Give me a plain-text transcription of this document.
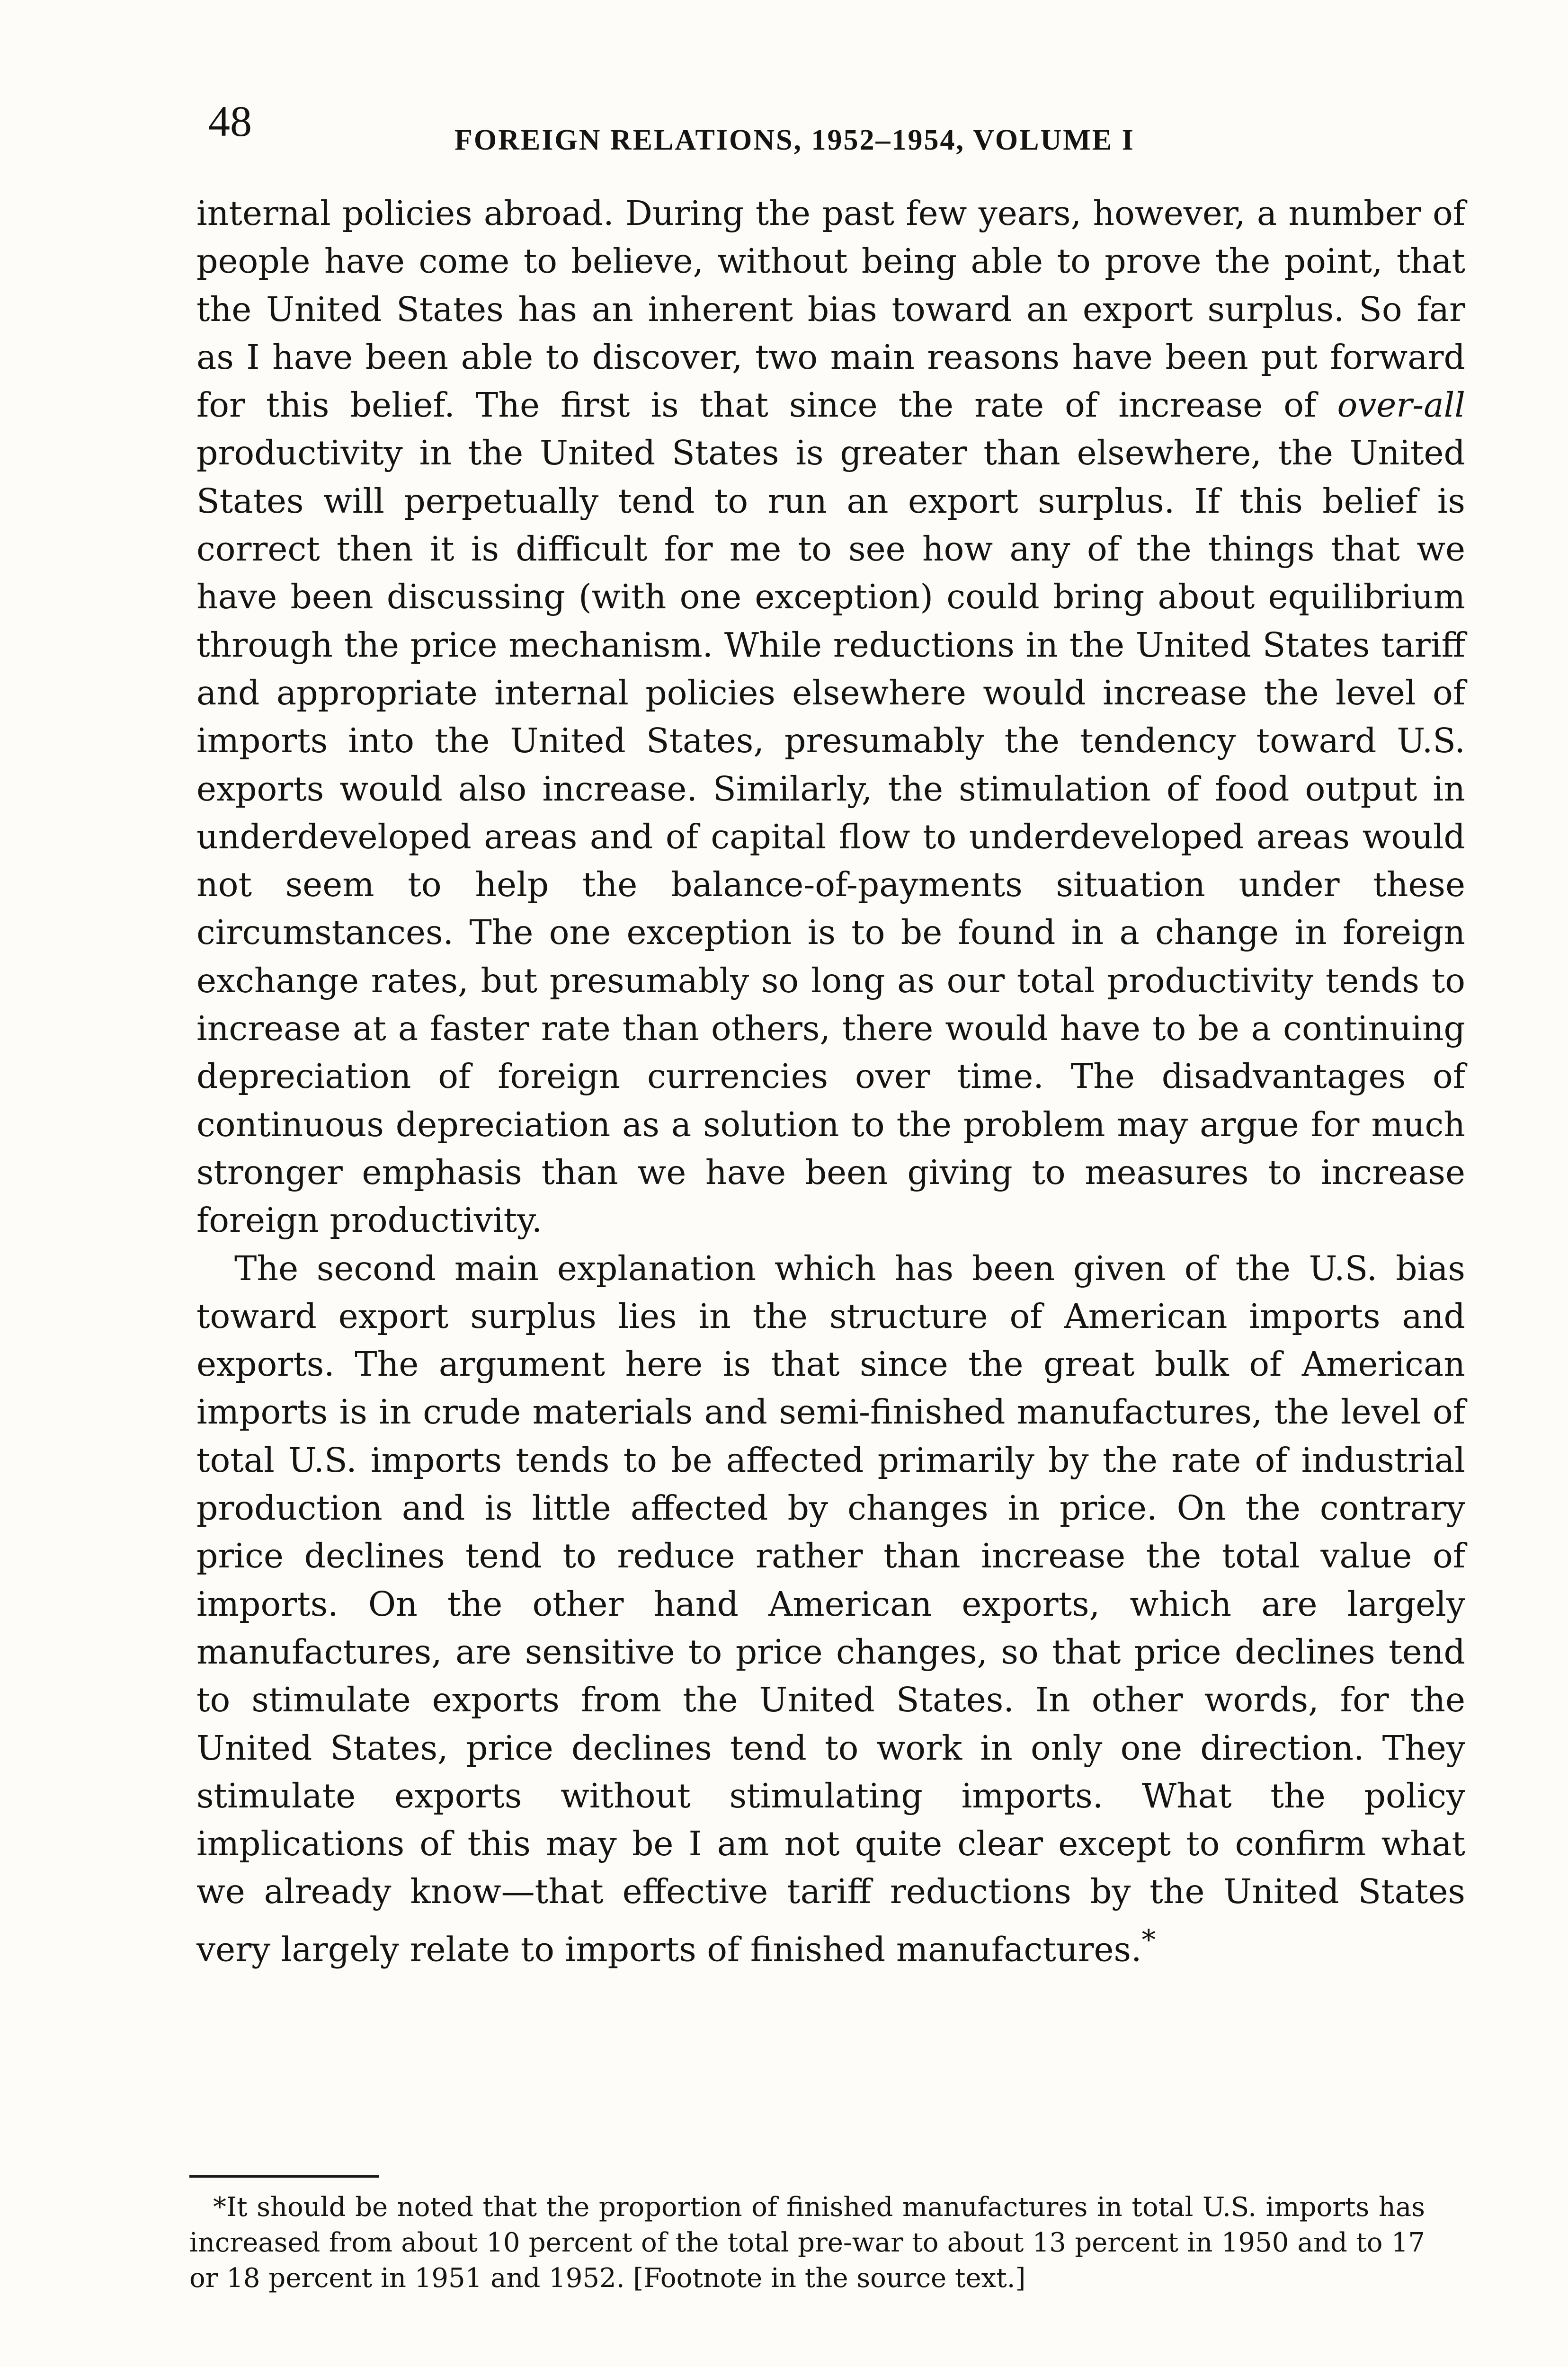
48	FOREIGN RELATIONS, 1952–1954, VOLUME I

internal policies abroad. During the past few years, however, a number of people have come to believe, without being able to prove the point, that the United States has an inherent bias toward an export surplus. So far as I have been able to discover, two main reasons have been put forward for this belief. The first is that since the rate of increase of over-all productivity in the United States is greater than elsewhere, the United States will perpetually tend to run an export surplus. If this belief is correct then it is difficult for me to see how any of the things that we have been discussing (with one exception) could bring about equilibrium through the price mechanism. While reductions in the United States tariff and appropriate internal policies elsewhere would increase the level of imports into the United States, presumably the tendency toward U.S. exports would also increase. Similarly, the stimulation of food output in underdeveloped areas and of capital flow to underdeveloped areas would not seem to help the balance-of-payments situation under these circumstances. The one exception is to be found in a change in foreign exchange rates, but presumably so long as our total productivity tends to increase at a faster rate than others, there would have to be a continuing depreciation of foreign currencies over time. The disadvantages of continuous depreciation as a solution to the problem may argue for much stronger emphasis than we have been giving to measures to increase foreign productivity.

The second main explanation which has been given of the U.S. bias toward export surplus lies in the structure of American imports and exports. The argument here is that since the great bulk of American imports is in crude materials and semi-finished manufactures, the level of total U.S. imports tends to be affected primarily by the rate of industrial production and is little affected by changes in price. On the contrary price declines tend to reduce rather than increase the total value of imports. On the other hand American exports, which are largely manufactures, are sensitive to price changes, so that price declines tend to stimulate exports from the United States. In other words, for the United States, price declines tend to work in only one direction. They stimulate exports without stimulating imports. What the policy implications of this may be I am not quite clear except to confirm what we already know—that effective tariff reductions by the United States very largely relate to imports of finished manufactures.*

*It should be noted that the proportion of finished manufactures in total U.S. imports has increased from about 10 percent of the total pre-war to about 13 percent in 1950 and to 17 or 18 percent in 1951 and 1952. [Footnote in the source text.]
